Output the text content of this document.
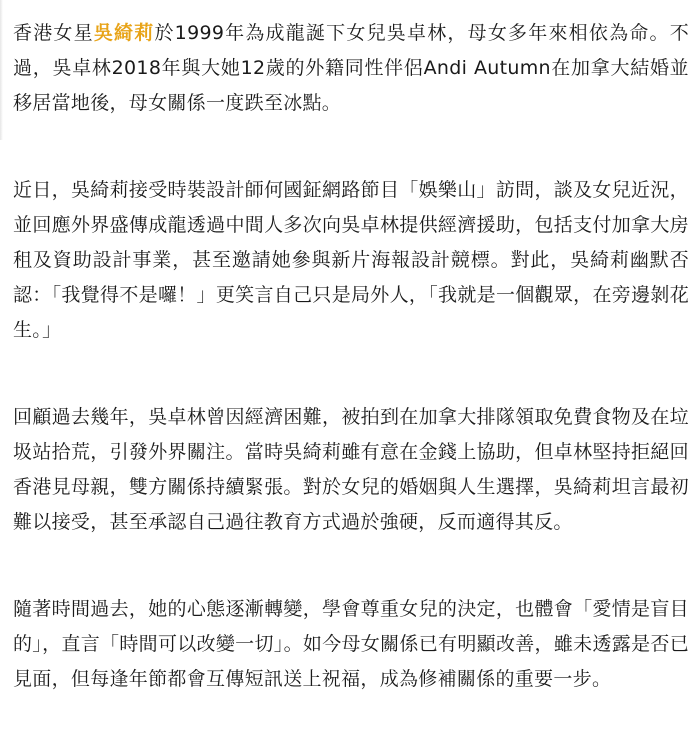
香港女星吳綺莉於1999年為成龍誕下女兒吳卓林，母女多年來相依為命。不過，吳卓林2018年與大她12歲的外籍同性伴侶Andi Autumn在加拿大結婚並移居當地後，母女關係一度跌至冰點。

近日，吳綺莉接受時裝設計師何國鉦網路節目「娛樂山」訪問，談及女兒近況，並回應外界盛傳成龍透過中間人多次向吳卓林提供經濟援助，包括支付加拿大房租及資助設計事業，甚至邀請她參與新片海報設計競標。對此，吳綺莉幽默否認：「我覺得不是囉！」更笑言自己只是局外人，「我就是一個觀眾，在旁邊剝花生。」

回顧過去幾年，吳卓林曾因經濟困難，被拍到在加拿大排隊領取免費食物及在垃圾站拾荒，引發外界關注。當時吳綺莉雖有意在金錢上協助，但卓林堅持拒絕回香港見母親，雙方關係持續緊張。對於女兒的婚姻與人生選擇，吳綺莉坦言最初難以接受，甚至承認自己過往教育方式過於強硬，反而適得其反。

隨著時間過去，她的心態逐漸轉變，學會尊重女兒的決定，也體會「愛情是盲目的」，直言「時間可以改變一切」。如今母女關係已有明顯改善，雖未透露是否已見面，但每逢年節都會互傳短訊送上祝福，成為修補關係的重要一步。
